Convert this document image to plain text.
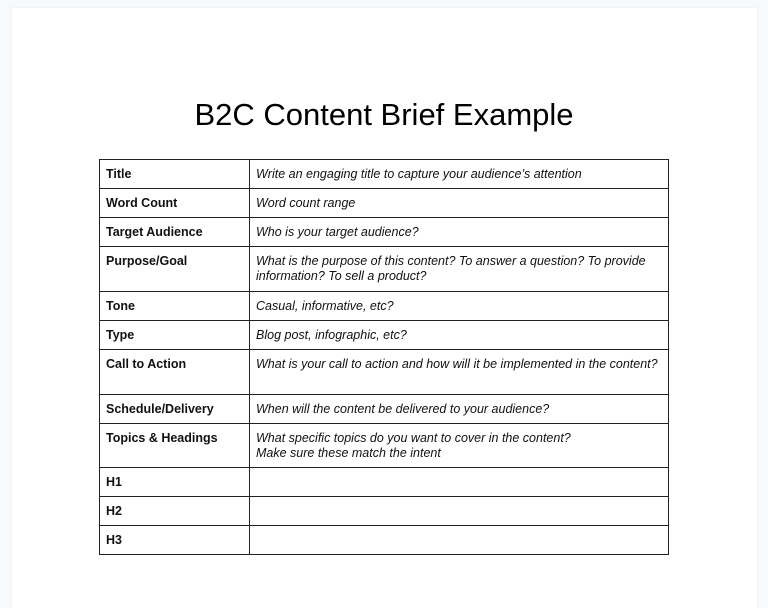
B2C Content Brief Example
Title	Write an engaging title to capture your audience’s attention
Word Count	Word count range
Target Audience	Who is your target audience?
Purpose/Goal	What is the purpose of this content? To answer a question? To provide information? To sell a product?
Tone	Casual, informative, etc?
Type	Blog post, infographic, etc?
Call to Action	What is your call to action and how will it be implemented in the content?
Schedule/Delivery	When will the content be delivered to your audience?
Topics & Headings	What specific topics do you want to cover in the content?
Make sure these match the intent
H1	
H2	
H3	
